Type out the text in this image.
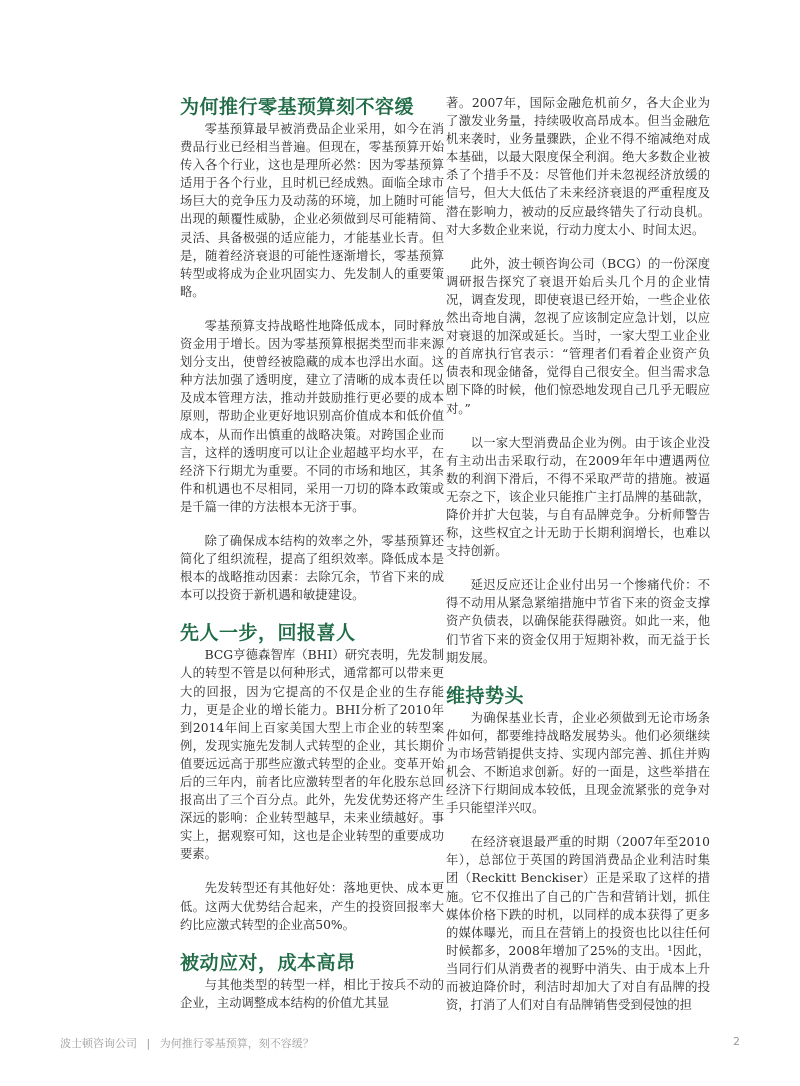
为何推行零基预算刻不容缓

零基预算最早被消费品企业采用，如今在消费品行业已经相当普遍。但现在，零基预算开始传入各个行业，这也是理所必然：因为零基预算适用于各个行业，且时机已经成熟。面临全球市场巨大的竞争压力及动荡的环境，加上随时可能出现的颠覆性威胁，企业必须做到尽可能精简、灵活、具备极强的适应能力，才能基业长青。但是，随着经济衰退的可能性逐渐增长，零基预算转型或将成为企业巩固实力、先发制人的重要策略。

零基预算支持战略性地降低成本，同时释放资金用于增长。因为零基预算根据类型而非来源划分支出，使曾经被隐藏的成本也浮出水面。这种方法加强了透明度，建立了清晰的成本责任以及成本管理方法，推动并鼓励推行更必要的成本原则，帮助企业更好地识别高价值成本和低价值成本，从而作出慎重的战略决策。对跨国企业而言，这样的透明度可以让企业超越平均水平，在经济下行期尤为重要。不同的市场和地区，其条件和机遇也不尽相同，采用一刀切的降本政策或是千篇一律的方法根本无济于事。

除了确保成本结构的效率之外，零基预算还简化了组织流程，提高了组织效率。降低成本是根本的战略推动因素：去除冗余，节省下来的成本可以投资于新机遇和敏捷建设。

先人一步，回报喜人

BCG亨德森智库（BHI）研究表明，先发制人的转型不管是以何种形式，通常都可以带来更大的回报，因为它提高的不仅是企业的生存能力，更是企业的增长能力。BHI分析了2010年到2014年间上百家美国大型上市企业的转型案例，发现实施先发制人式转型的企业，其长期价值要远远高于那些应激式转型的企业。变革开始后的三年内，前者比应激转型者的年化股东总回报高出了三个百分点。此外，先发优势还将产生深远的影响：企业转型越早，未来业绩越好。事实上，据观察可知，这也是企业转型的重要成功要素。

先发转型还有其他好处：落地更快、成本更低。这两大优势结合起来，产生的投资回报率大约比应激式转型的企业高50%。

被动应对，成本高昂

与其他类型的转型一样，相比于按兵不动的企业，主动调整成本结构的价值尤其显

著。2007年，国际金融危机前夕，各大企业为了激发业务量，持续吸收高昂成本。但当金融危机来袭时，业务量骤跌，企业不得不缩减绝对成本基础，以最大限度保全利润。绝大多数企业被杀了个措手不及：尽管他们并未忽视经济放缓的信号，但大大低估了未来经济衰退的严重程度及潜在影响力，被动的反应最终错失了行动良机。对大多数企业来说，行动力度太小、时间太迟。

此外，波士顿咨询公司（BCG）的一份深度调研报告探究了衰退开始后头几个月的企业情况，调查发现，即使衰退已经开始，一些企业依然出奇地自满，忽视了应该制定应急计划，以应对衰退的加深或延长。当时，一家大型工业企业的首席执行官表示：“管理者们看着企业资产负债表和现金储备，觉得自己很安全。但当需求急剧下降的时候，他们惊恐地发现自己几乎无暇应对。”

以一家大型消费品企业为例。由于该企业没有主动出击采取行动，在2009年年中遭遇两位数的利润下滑后，不得不采取严苛的措施。被逼无奈之下，该企业只能推广主打品牌的基础款，降价并扩大包装，与自有品牌竞争。分析师警告称，这些权宜之计无助于长期利润增长，也难以支持创新。

延迟反应还让企业付出另一个惨痛代价：不得不动用从紧急紧缩措施中节省下来的资金支撑资产负债表，以确保能获得融资。如此一来，他们节省下来的资金仅用于短期补救，而无益于长期发展。

维持势头

为确保基业长青，企业必须做到无论市场条件如何，都要维持战略发展势头。他们必须继续为市场营销提供支持、实现内部完善、抓住并购机会、不断追求创新。好的一面是，这些举措在经济下行期间成本较低，且现金流紧张的竞争对手只能望洋兴叹。

在经济衰退最严重的时期（2007年至2010年），总部位于英国的跨国消费品企业利洁时集团（Reckitt Benckiser）正是采取了这样的措施。它不仅推出了自己的广告和营销计划，抓住媒体价格下跌的时机，以同样的成本获得了更多的媒体曝光，而且在营销上的投资也比以往任何时候都多，2008年增加了25%的支出。¹因此，当同行们从消费者的视野中消失、由于成本上升而被迫降价时，利洁时却加大了对自有品牌的投资，打消了人们对自有品牌销售受到侵蚀的担

波士顿咨询公司 | 为何推行零基预算，刻不容缓？	2
